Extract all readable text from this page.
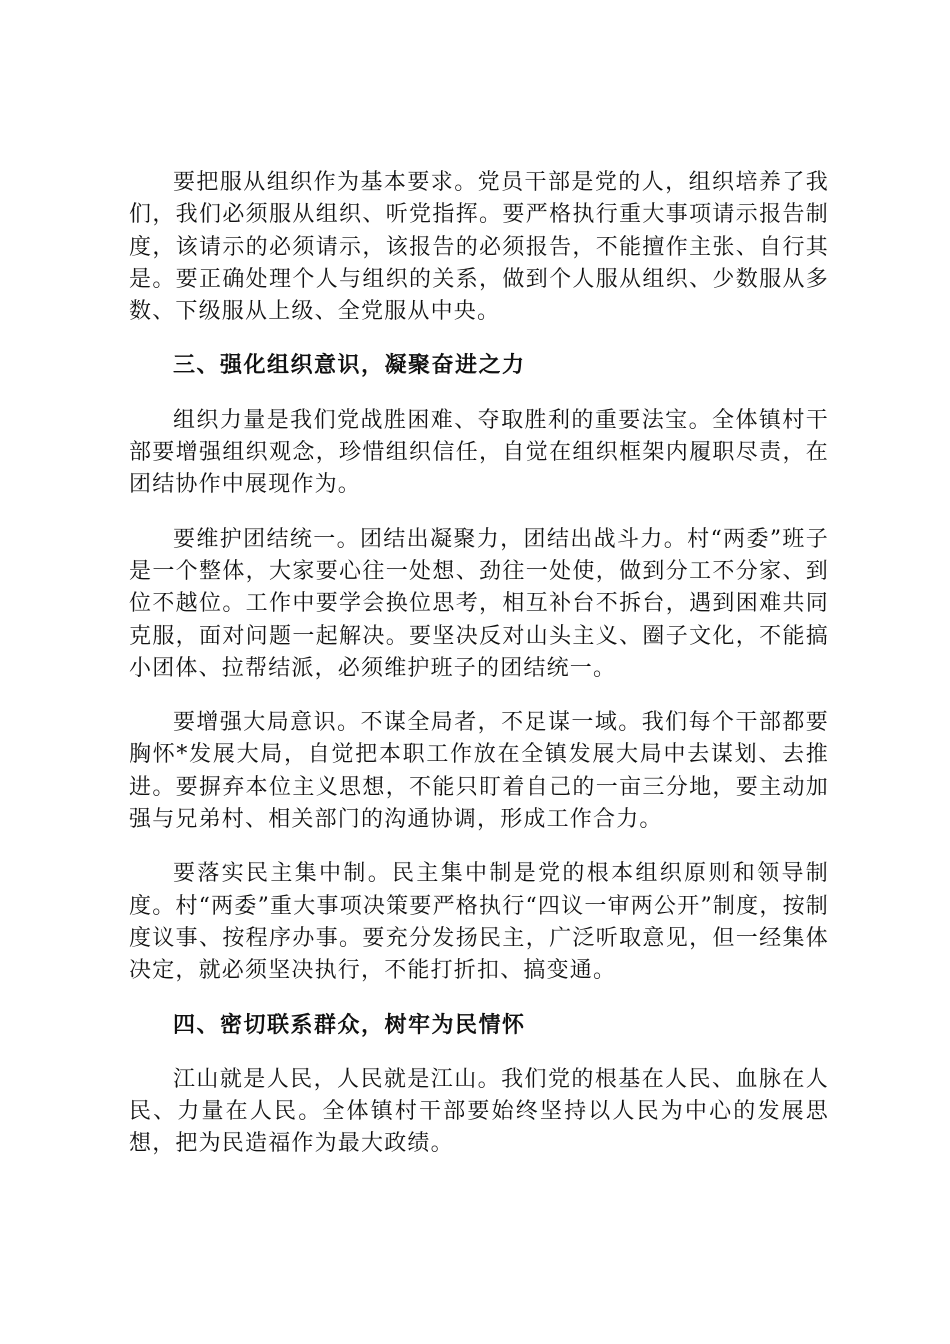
要把服从组织作为基本要求。党员干部是党的人，组织培养了我们，我们必须服从组织、听党指挥。要严格执行重大事项请示报告制度，该请示的必须请示，该报告的必须报告，不能擅作主张、自行其是。要正确处理个人与组织的关系，做到个人服从组织、少数服从多数、下级服从上级、全党服从中央。

三、强化组织意识，凝聚奋进之力

组织力量是我们党战胜困难、夺取胜利的重要法宝。全体镇村干部要增强组织观念，珍惜组织信任，自觉在组织框架内履职尽责，在团结协作中展现作为。

要维护团结统一。团结出凝聚力，团结出战斗力。村“两委”班子是一个整体，大家要心往一处想、劲往一处使，做到分工不分家、到位不越位。工作中要学会换位思考，相互补台不拆台，遇到困难共同克服，面对问题一起解决。要坚决反对山头主义、圈子文化，不能搞小团体、拉帮结派，必须维护班子的团结统一。

要增强大局意识。不谋全局者，不足谋一域。我们每个干部都要胸怀*发展大局，自觉把本职工作放在全镇发展大局中去谋划、去推进。要摒弃本位主义思想，不能只盯着自己的一亩三分地，要主动加强与兄弟村、相关部门的沟通协调，形成工作合力。

要落实民主集中制。民主集中制是党的根本组织原则和领导制度。村“两委”重大事项决策要严格执行“四议一审两公开”制度，按制度议事、按程序办事。要充分发扬民主，广泛听取意见，但一经集体决定，就必须坚决执行，不能打折扣、搞变通。

四、密切联系群众，树牢为民情怀

江山就是人民，人民就是江山。我们党的根基在人民、血脉在人民、力量在人民。全体镇村干部要始终坚持以人民为中心的发展思想，把为民造福作为最大政绩。
